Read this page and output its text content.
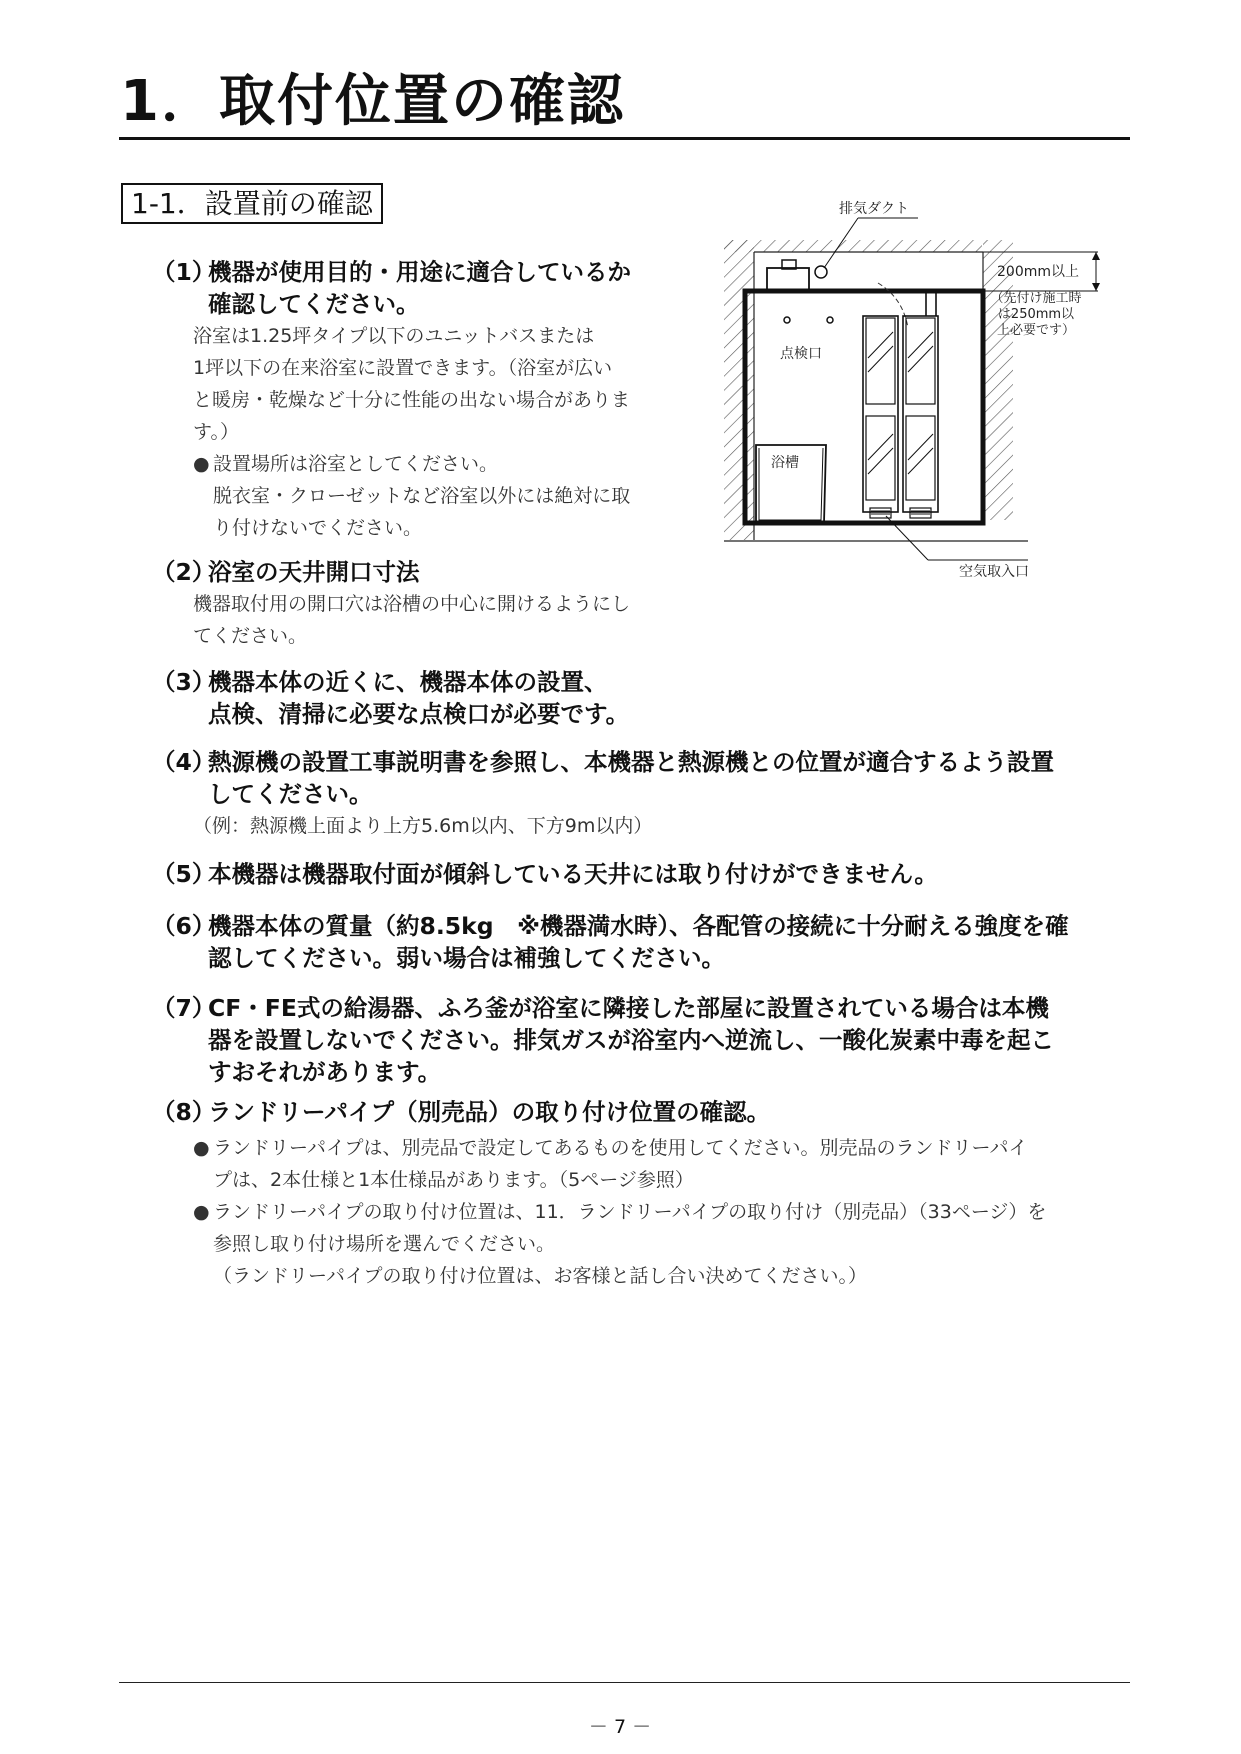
1．取付位置の確認
1-1．設置前の確認
（1）機器が使用目的・用途に適合しているか
確認してください。
浴室は1.25坪タイプ以下のユニットバスまたは
1坪以下の在来浴室に設置できます。（浴室が広い
と暖房・乾燥など十分に性能の出ない場合がありま
す。）
● 設置場所は浴室としてください。
脱衣室・クローゼットなど浴室以外には絶対に取
り付けないでください。
（2）浴室の天井開口寸法
機器取付用の開口穴は浴槽の中心に開けるようにし
てください。
（3）機器本体の近くに、機器本体の設置、
点検、清掃に必要な点検口が必要です。
（4）熱源機の設置工事説明書を参照し、本機器と熱源機との位置が適合するよう設置
してください。
（例：熱源機上面より上方5.6m以内、下方9m以内）
（5）本機器は機器取付面が傾斜している天井には取り付けができません。
（6）機器本体の質量（約8.5kg　※機器満水時）、各配管の接続に十分耐える強度を確
認してください。弱い場合は補強してください。
（7）CF・FE式の給湯器、ふろ釜が浴室に隣接した部屋に設置されている場合は本機
器を設置しないでください。排気ガスが浴室内へ逆流し、一酸化炭素中毒を起こ
すおそれがあります。
（8）ランドリーパイプ（別売品）の取り付け位置の確認。
● ランドリーパイプは、別売品で設定してあるものを使用してください。別売品のランドリーパイ
プは、2本仕様と1本仕様品があります。（5ページ参照）
● ランドリーパイプの取り付け位置は、11．ランドリーパイプの取り付け（別売品）（33ページ）を
参照し取り付け場所を選んでください。
（ランドリーパイプの取り付け位置は、お客様と話し合い決めてください。）
排気ダクト
200mm以上
（先付け施工時
は250mm以
上必要です）
点検口
浴槽
空気取入口
－ 7 －
